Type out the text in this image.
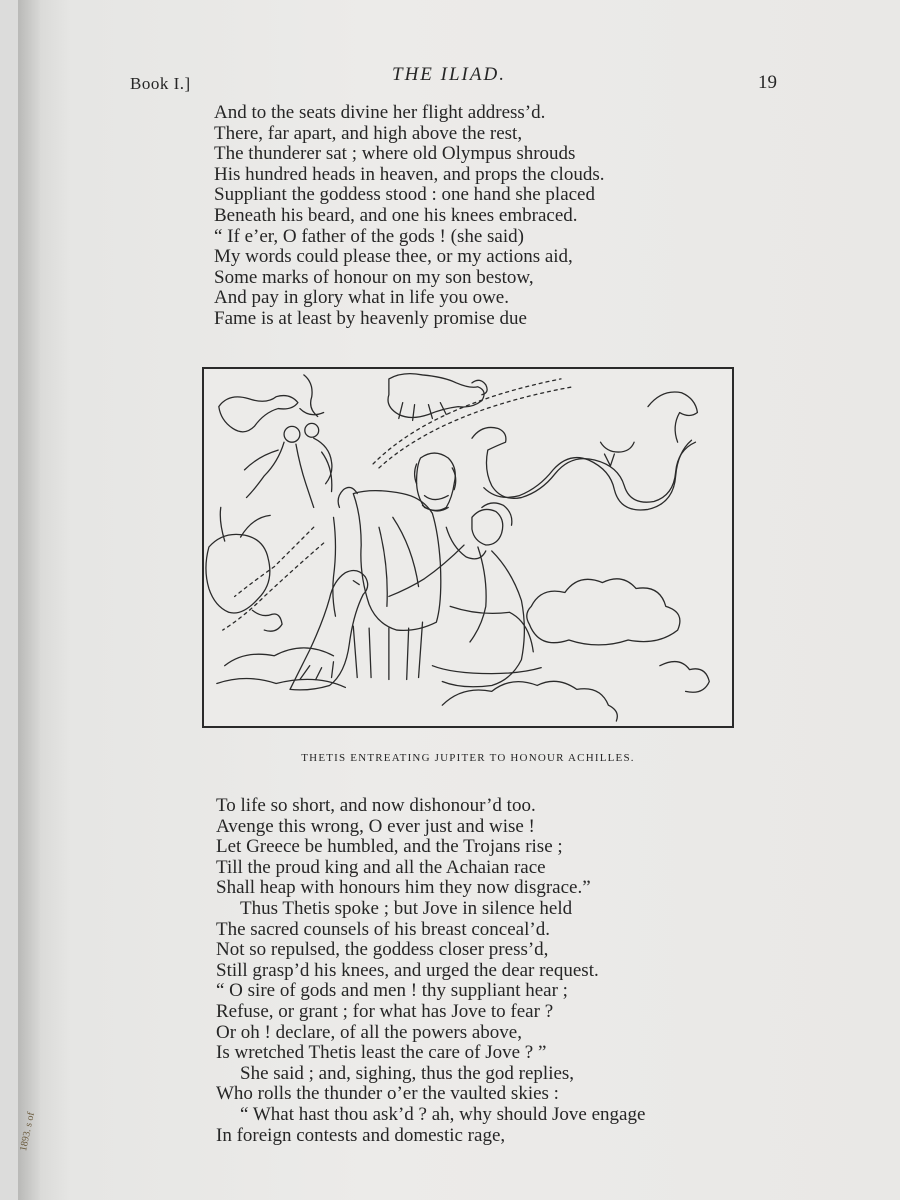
Book I.]	THE ILIAD.	19
And to the seats divine her flight address’d.
There, far apart, and high above the rest,
The thunderer sat ; where old Olympus shrouds
His hundred heads in heaven, and props the clouds.
Suppliant the goddess stood : one hand she placed
Beneath his beard, and one his knees embraced.
“ If e’er, O father of the gods ! (she said)
My words could please thee, or my actions aid,
Some marks of honour on my son bestow,
And pay in glory what in life you owe.
Fame is at least by heavenly promise due
THETIS ENTREATING JUPITER TO HONOUR ACHILLES.
To life so short, and now dishonour’d too.
Avenge this wrong, O ever just and wise !
Let Greece be humbled, and the Trojans rise ;
Till the proud king and all the Achaian race
Shall heap with honours him they now disgrace.”
Thus Thetis spoke ; but Jove in silence held
The sacred counsels of his breast conceal’d.
Not so repulsed, the goddess closer press’d,
Still grasp’d his knees, and urged the dear request.
“ O sire of gods and men ! thy suppliant hear ;
Refuse, or grant ; for what has Jove to fear ?
Or oh ! declare, of all the powers above,
Is wretched Thetis least the care of Jove ? ”
She said ; and, sighing, thus the god replies,
Who rolls the thunder o’er the vaulted skies :
“ What hast thou ask’d ? ah, why should Jove engage
In foreign contests and domestic rage,
1893. s of
